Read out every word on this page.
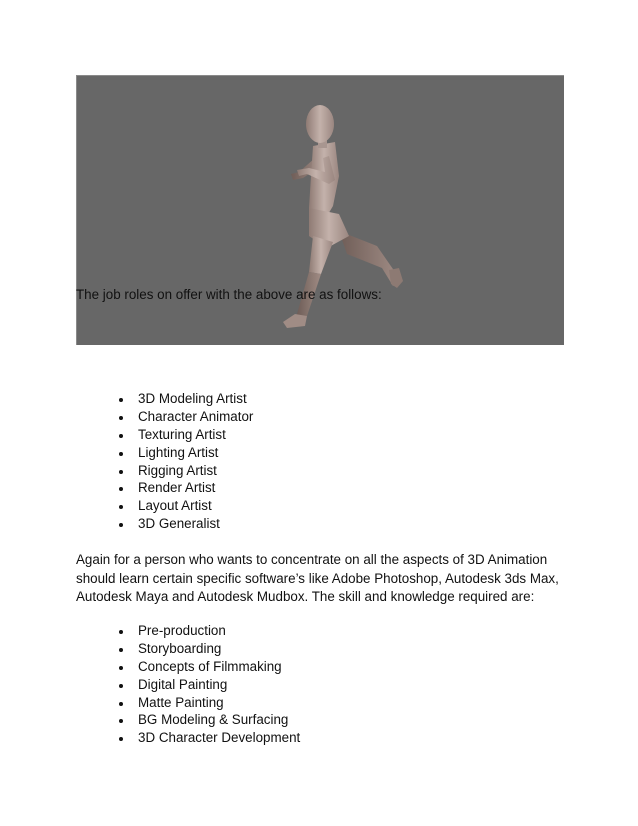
The job roles on offer with the above are as follows:

3D Modeling Artist
Character Animator
Texturing Artist
Lighting Artist
Rigging Artist
Render Artist
Layout Artist
3D Generalist

Again for a person who wants to concentrate on all the aspects of 3D Animation should learn certain specific software’s like Adobe Photoshop, Autodesk 3ds Max, Autodesk Maya and Autodesk Mudbox. The skill and knowledge required are:

Pre-production
Storyboarding
Concepts of Filmmaking
Digital Painting
Matte Painting
BG Modeling & Surfacing
3D Character Development
